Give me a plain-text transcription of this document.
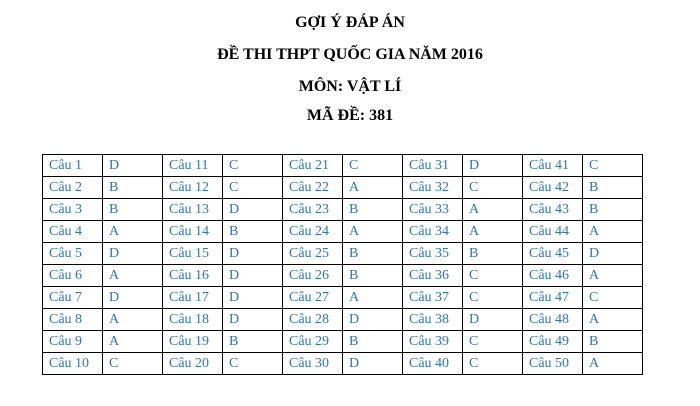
GỢI Ý ĐÁP ÁN
ĐỀ THI THPT QUỐC GIA NĂM 2016
MÔN: VẬT LÍ
MÃ ĐỀ: 381
Câu 1	D	Câu 11	C	Câu 21	C	Câu 31	D	Câu 41	C
Câu 2	B	Câu 12	C	Câu 22	A	Câu 32	C	Câu 42	B
Câu 3	B	Câu 13	D	Câu 23	B	Câu 33	A	Câu 43	B
Câu 4	A	Câu 14	B	Câu 24	A	Câu 34	A	Câu 44	A
Câu 5	D	Câu 15	D	Câu 25	B	Câu 35	B	Câu 45	D
Câu 6	A	Câu 16	D	Câu 26	B	Câu 36	C	Câu 46	A
Câu 7	D	Câu 17	D	Câu 27	A	Câu 37	C	Câu 47	C
Câu 8	A	Câu 18	D	Câu 28	D	Câu 38	D	Câu 48	A
Câu 9	A	Câu 19	B	Câu 29	B	Câu 39	C	Câu 49	B
Câu 10	C	Câu 20	C	Câu 30	D	Câu 40	C	Câu 50	A
